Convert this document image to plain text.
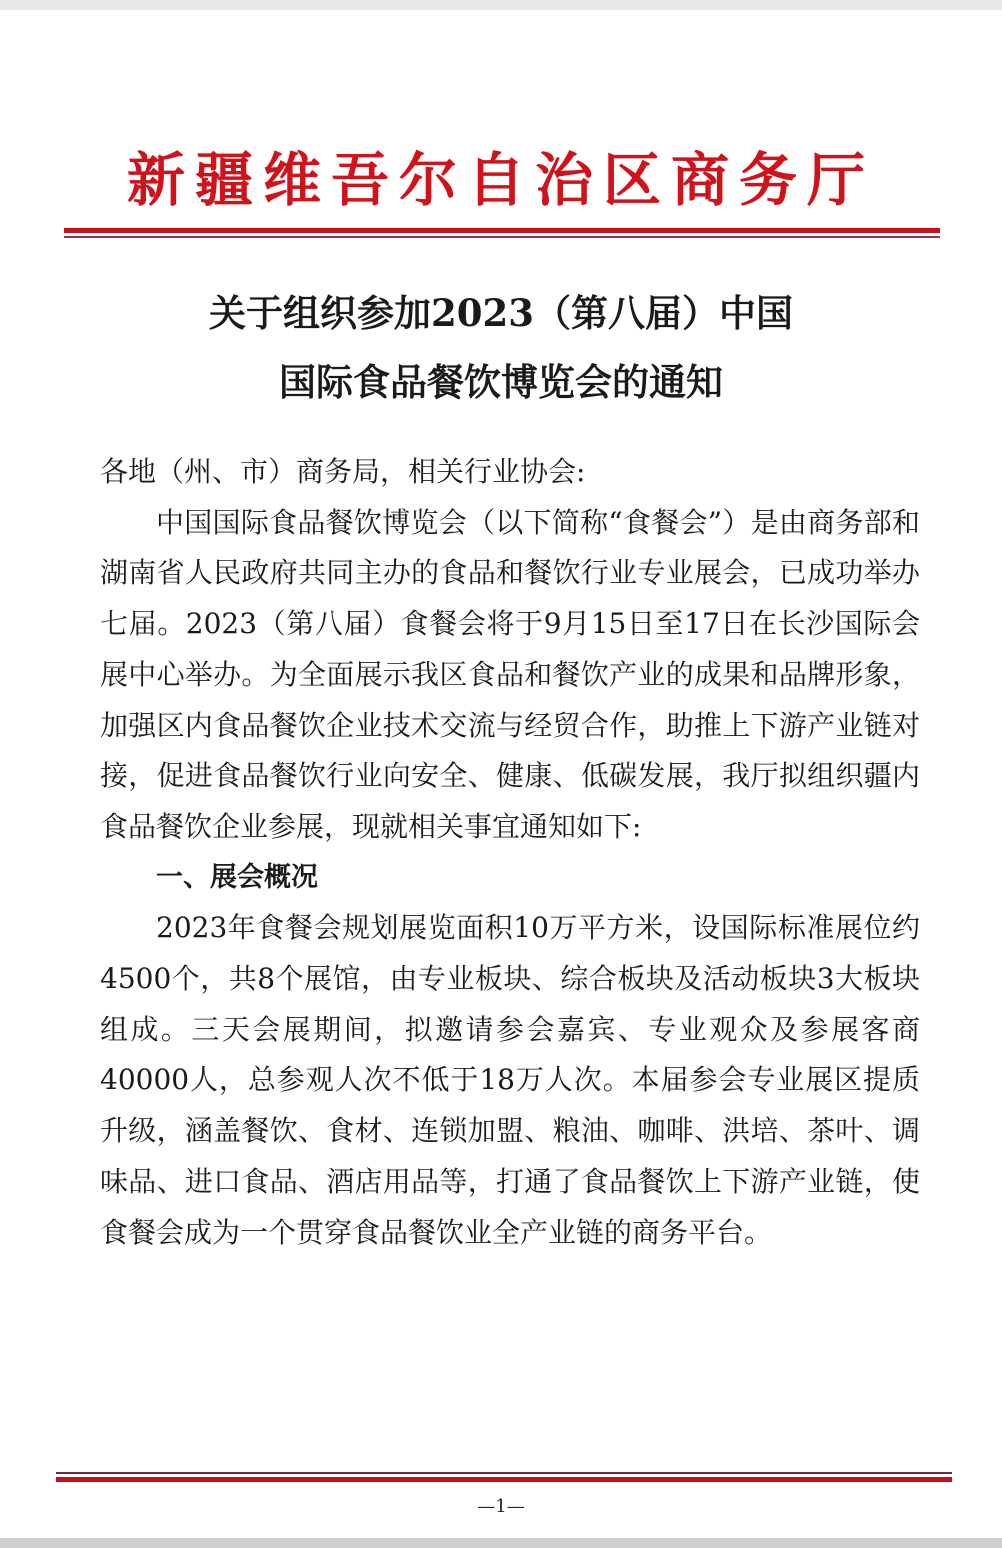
新疆维吾尔自治区商务厅
关于组织参加2023（第八届）中国
国际食品餐饮博览会的通知

各地（州、市）商务局，相关行业协会:

中国国际食品餐饮博览会（以下简称“食餐会”）是由商务部和湖南省人民政府共同主办的食品和餐饮行业专业展会，已成功举办七届。2023（第八届）食餐会将于9月15日至17日在长沙国际会展中心举办。为全面展示我区食品和餐饮产业的成果和品牌形象，加强区内食品餐饮企业技术交流与经贸合作，助推上下游产业链对接，促进食品餐饮行业向安全、健康、低碳发展，我厅拟组织疆内食品餐饮企业参展，现就相关事宜通知如下:

一、展会概况

2023年食餐会规划展览面积10万平方米，设国际标准展位约4500个，共8个展馆，由专业板块、综合板块及活动板块3大板块组成。三天会展期间，拟邀请参会嘉宾、专业观众及参展客商40000人，总参观人次不低于18万人次。本届参会专业展区提质升级，涵盖餐饮、食材、连锁加盟、粮油、咖啡、洪培、茶叶、调味品、进口食品、酒店用品等，打通了食品餐饮上下游产业链，使食餐会成为一个贯穿食品餐饮业全产业链的商务平台。

—1—
